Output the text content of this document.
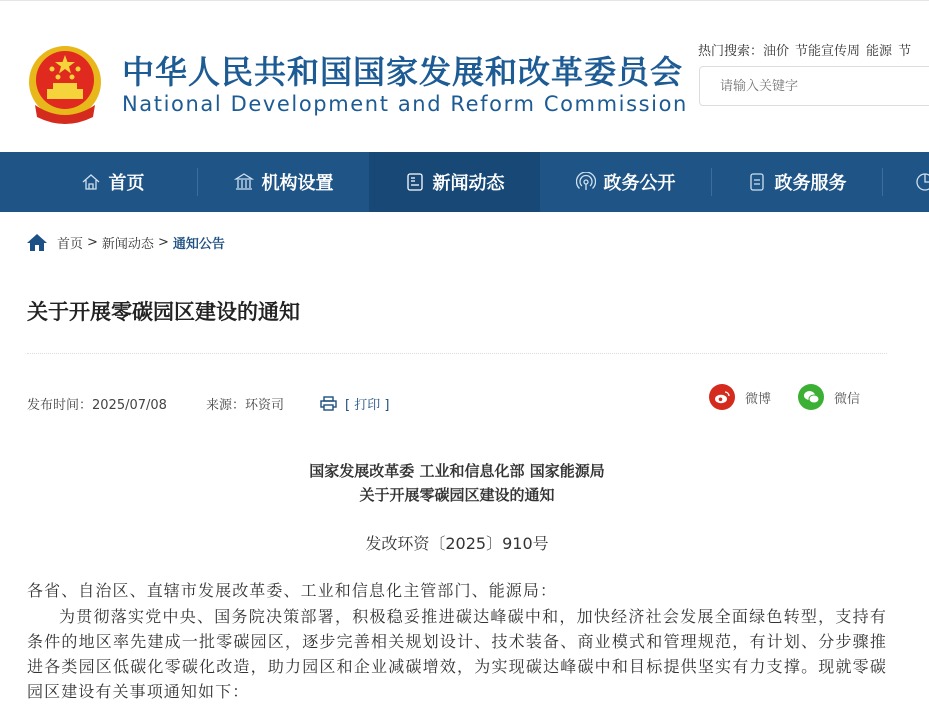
中华人民共和国国家发展和改革委员会
National Development and Reform Commission
热门搜索：油价 节能宣传周 能源 节
请输入关键字
首页	机构设置	新闻动态	政务公开	政务服务
首页 > 新闻动态 > 通知公告
关于开展零碳园区建设的通知
发布时间：2025/07/08	来源：环资司	[ 打印 ]	微博	微信
国家发展改革委 工业和信息化部 国家能源局
关于开展零碳园区建设的通知
发改环资〔2025〕910号
各省、自治区、直辖市发展改革委、工业和信息化主管部门、能源局：
为贯彻落实党中央、国务院决策部署，积极稳妥推进碳达峰碳中和，加快经济社会发展全面绿色转型，支持有条件的地区率先建成一批零碳园区，逐步完善相关规划设计、技术装备、商业模式和管理规范，有计划、分步骤推进各类园区低碳化零碳化改造，助力园区和企业减碳增效，为实现碳达峰碳中和目标提供坚实有力支撑。现就零碳园区建设有关事项通知如下：
